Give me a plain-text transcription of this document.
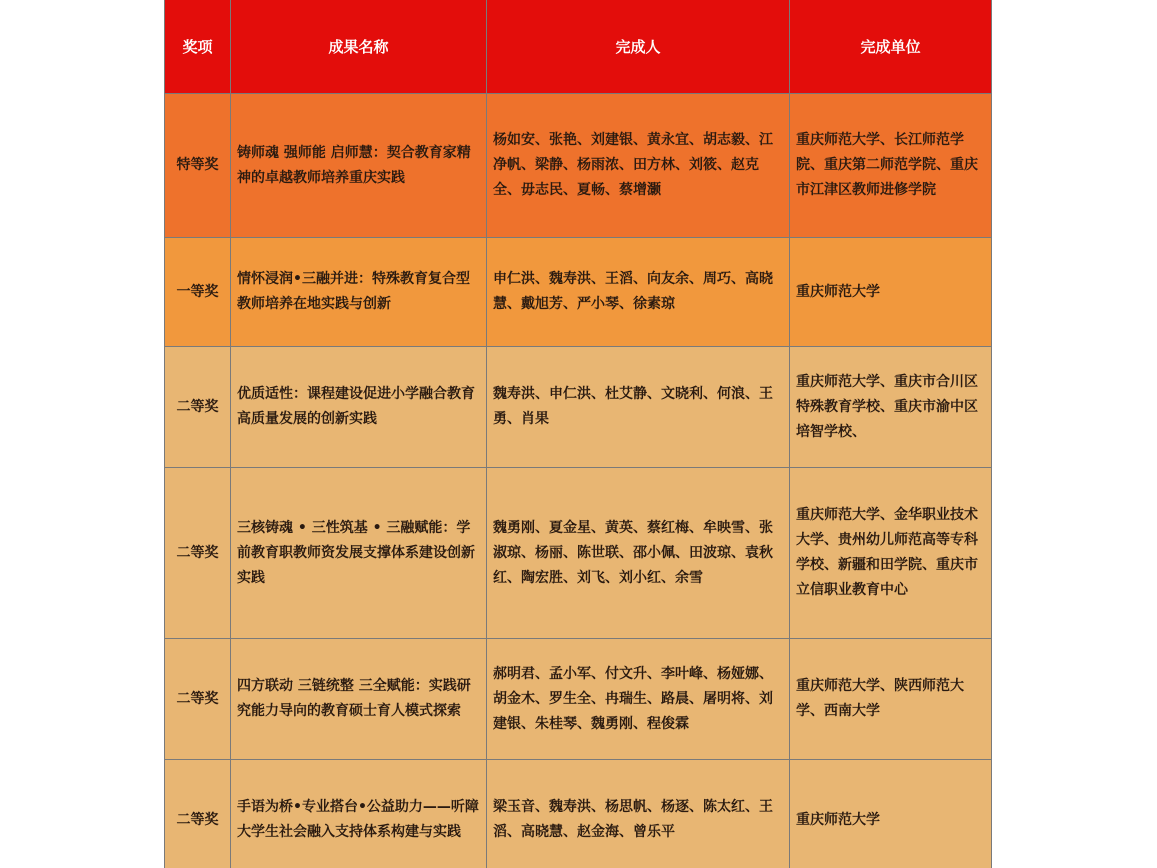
奖项	成果名称	完成人	完成单位
特等奖	铸师魂 强师能 启师慧：契合教育家精神的卓越教师培养重庆实践	杨如安、张艳、刘建银、黄永宜、胡志毅、江净帆、梁静、杨雨浓、田方林、刘筱、赵克全、毋志民、夏畅、蔡增灏	重庆师范大学、长江师范学院、重庆第二师范学院、重庆市江津区教师进修学院
一等奖	情怀浸润•三融并进：特殊教育复合型教师培养在地实践与创新	申仁洪、魏寿洪、王滔、向友余、周巧、高晓慧、戴旭芳、严小琴、徐素琼	重庆师范大学
二等奖	优质适性：课程建设促进小学融合教育高质量发展的创新实践	魏寿洪、申仁洪、杜艾静、文晓利、何浪、王勇、肖果	重庆师范大学、重庆市合川区特殊教育学校、重庆市渝中区培智学校、
二等奖	三核铸魂 • 三性筑基 • 三融赋能：学前教育职教师资发展支撑体系建设创新实践	魏勇刚、夏金星、黄英、蔡红梅、牟映雪、张淑琼、杨丽、陈世联、邵小佩、田波琼、袁秋红、陶宏胜、刘飞、刘小红、余雪	重庆师范大学、金华职业技术大学、贵州幼儿师范高等专科学校、新疆和田学院、重庆市立信职业教育中心
二等奖	四方联动 三链统整 三全赋能：实践研究能力导向的教育硕士育人模式探索	郝明君、孟小军、付文升、李叶峰、杨娅娜、胡金木、罗生全、冉瑞生、路晨、屠明将、刘建银、朱桂琴、魏勇刚、程俊霖	重庆师范大学、陕西师范大学、西南大学
二等奖	手语为桥•专业搭台•公益助力——听障大学生社会融入支持体系构建与实践	梁玉音、魏寿洪、杨思帆、杨逐、陈太红、王滔、高晓慧、赵金海、曾乐平	重庆师范大学
